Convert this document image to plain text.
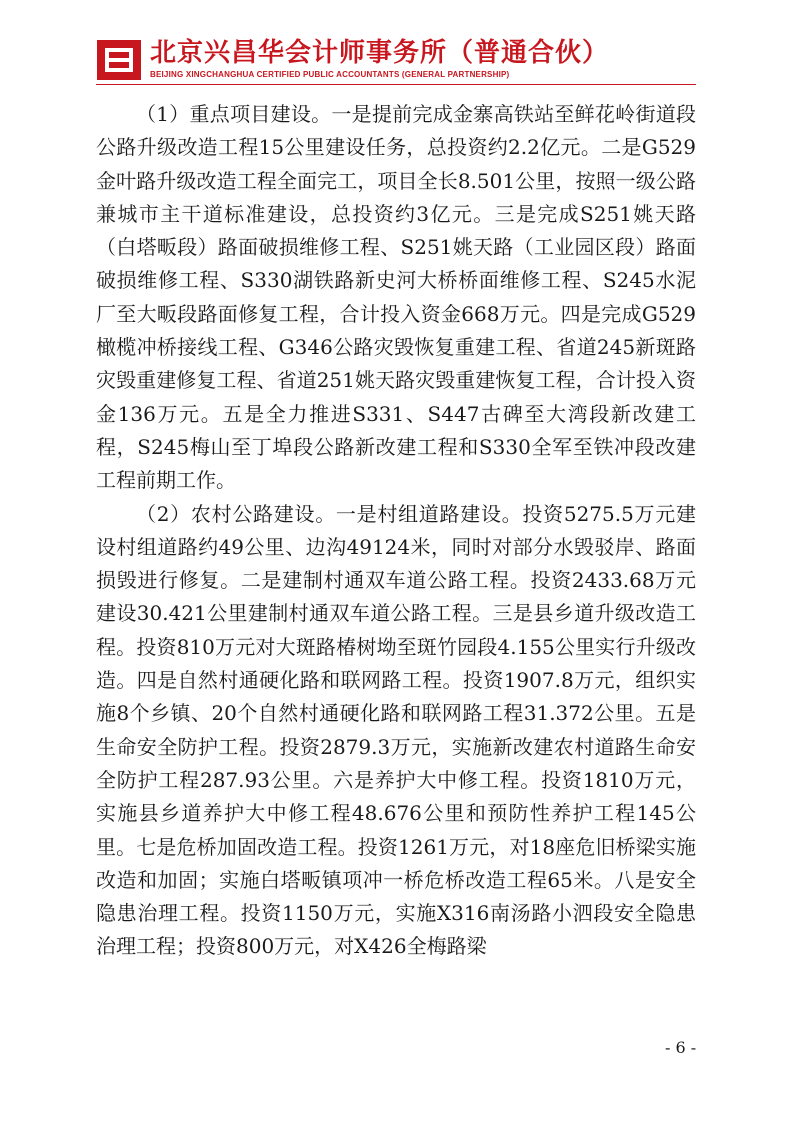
北京兴昌华会计师事务所（普通合伙）
BEIJING XINGCHANGHUA CERTIFIED PUBLIC ACCOUNTANTS (GENERAL PARTNERSHIP)

（1）重点项目建设。一是提前完成金寨高铁站至鲜花岭街道段公路升级改造工程15公里建设任务，总投资约2.2亿元。二是G529金叶路升级改造工程全面完工，项目全长8.501公里，按照一级公路兼城市主干道标准建设，总投资约3亿元。三是完成S251姚天路（白塔畈段）路面破损维修工程、S251姚天路（工业园区段）路面破损维修工程、S330湖铁路新史河大桥桥面维修工程、S245水泥厂至大畈段路面修复工程，合计投入资金668万元。四是完成G529橄榄冲桥接线工程、G346公路灾毁恢复重建工程、省道245新斑路灾毁重建修复工程、省道251姚天路灾毁重建恢复工程，合计投入资金136万元。五是全力推进S331、S447古碑至大湾段新改建工程，S245梅山至丁埠段公路新改建工程和S330全军至铁冲段改建工程前期工作。

（2）农村公路建设。一是村组道路建设。投资5275.5万元建设村组道路约49公里、边沟49124米，同时对部分水毁驳岸、路面损毁进行修复。二是建制村通双车道公路工程。投资2433.68万元建设30.421公里建制村通双车道公路工程。三是县乡道升级改造工程。投资810万元对大斑路椿树坳至斑竹园段4.155公里实行升级改造。四是自然村通硬化路和联网路工程。投资1907.8万元，组织实施8个乡镇、20个自然村通硬化路和联网路工程31.372公里。五是生命安全防护工程。投资2879.3万元，实施新改建农村道路生命安全防护工程287.93公里。六是养护大中修工程。投资1810万元，实施县乡道养护大中修工程48.676公里和预防性养护工程145公里。七是危桥加固改造工程。投资1261万元，对18座危旧桥梁实施改造和加固；实施白塔畈镇项冲一桥危桥改造工程65米。八是安全隐患治理工程。投资1150万元，实施X316南汤路小泗段安全隐患治理工程；投资800万元，对X426全梅路梁

- 6 -
